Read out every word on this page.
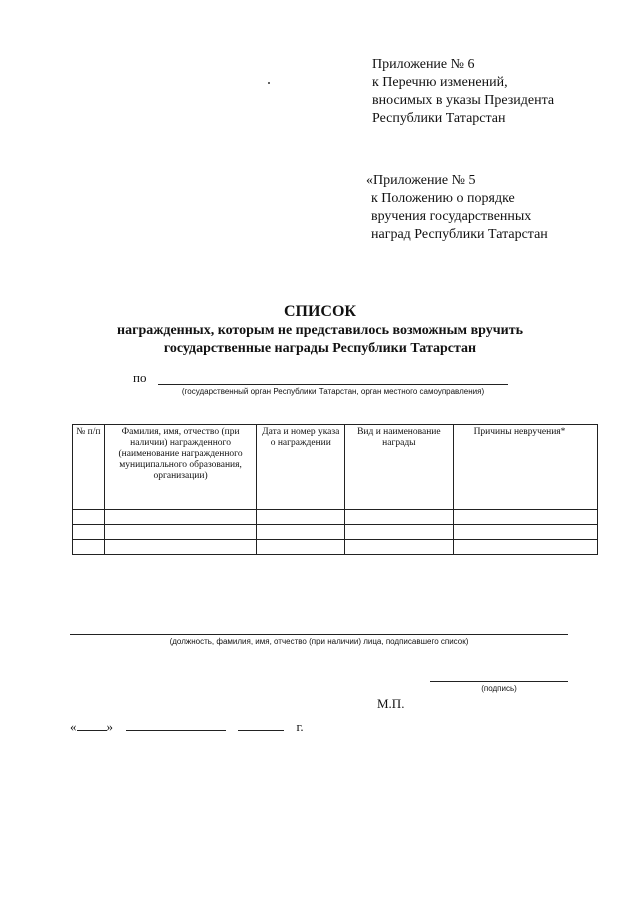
Приложение № 6
к Перечню изменений,
вносимых в указы Президента
Республики Татарстан
«Приложение № 5
к Положению о порядке
вручения государственных
наград Республики Татарстан
СПИСОК
награжденных, которым не представилось возможным вручить
государственные награды Республики Татарстан
по
(государственный орган Республики Татарстан, орган местного самоуправления)
№ п/п	Фамилия, имя, отчество (при наличии) награжденного (наименование награжденного муниципального образования, организации)	Дата и номер указа о награждении	Вид и наименование награды	Причины невручения*

(должность, фамилия, имя, отчество (при наличии) лица, подписавшего список)
(подпись)
М.П.
« »	г.
